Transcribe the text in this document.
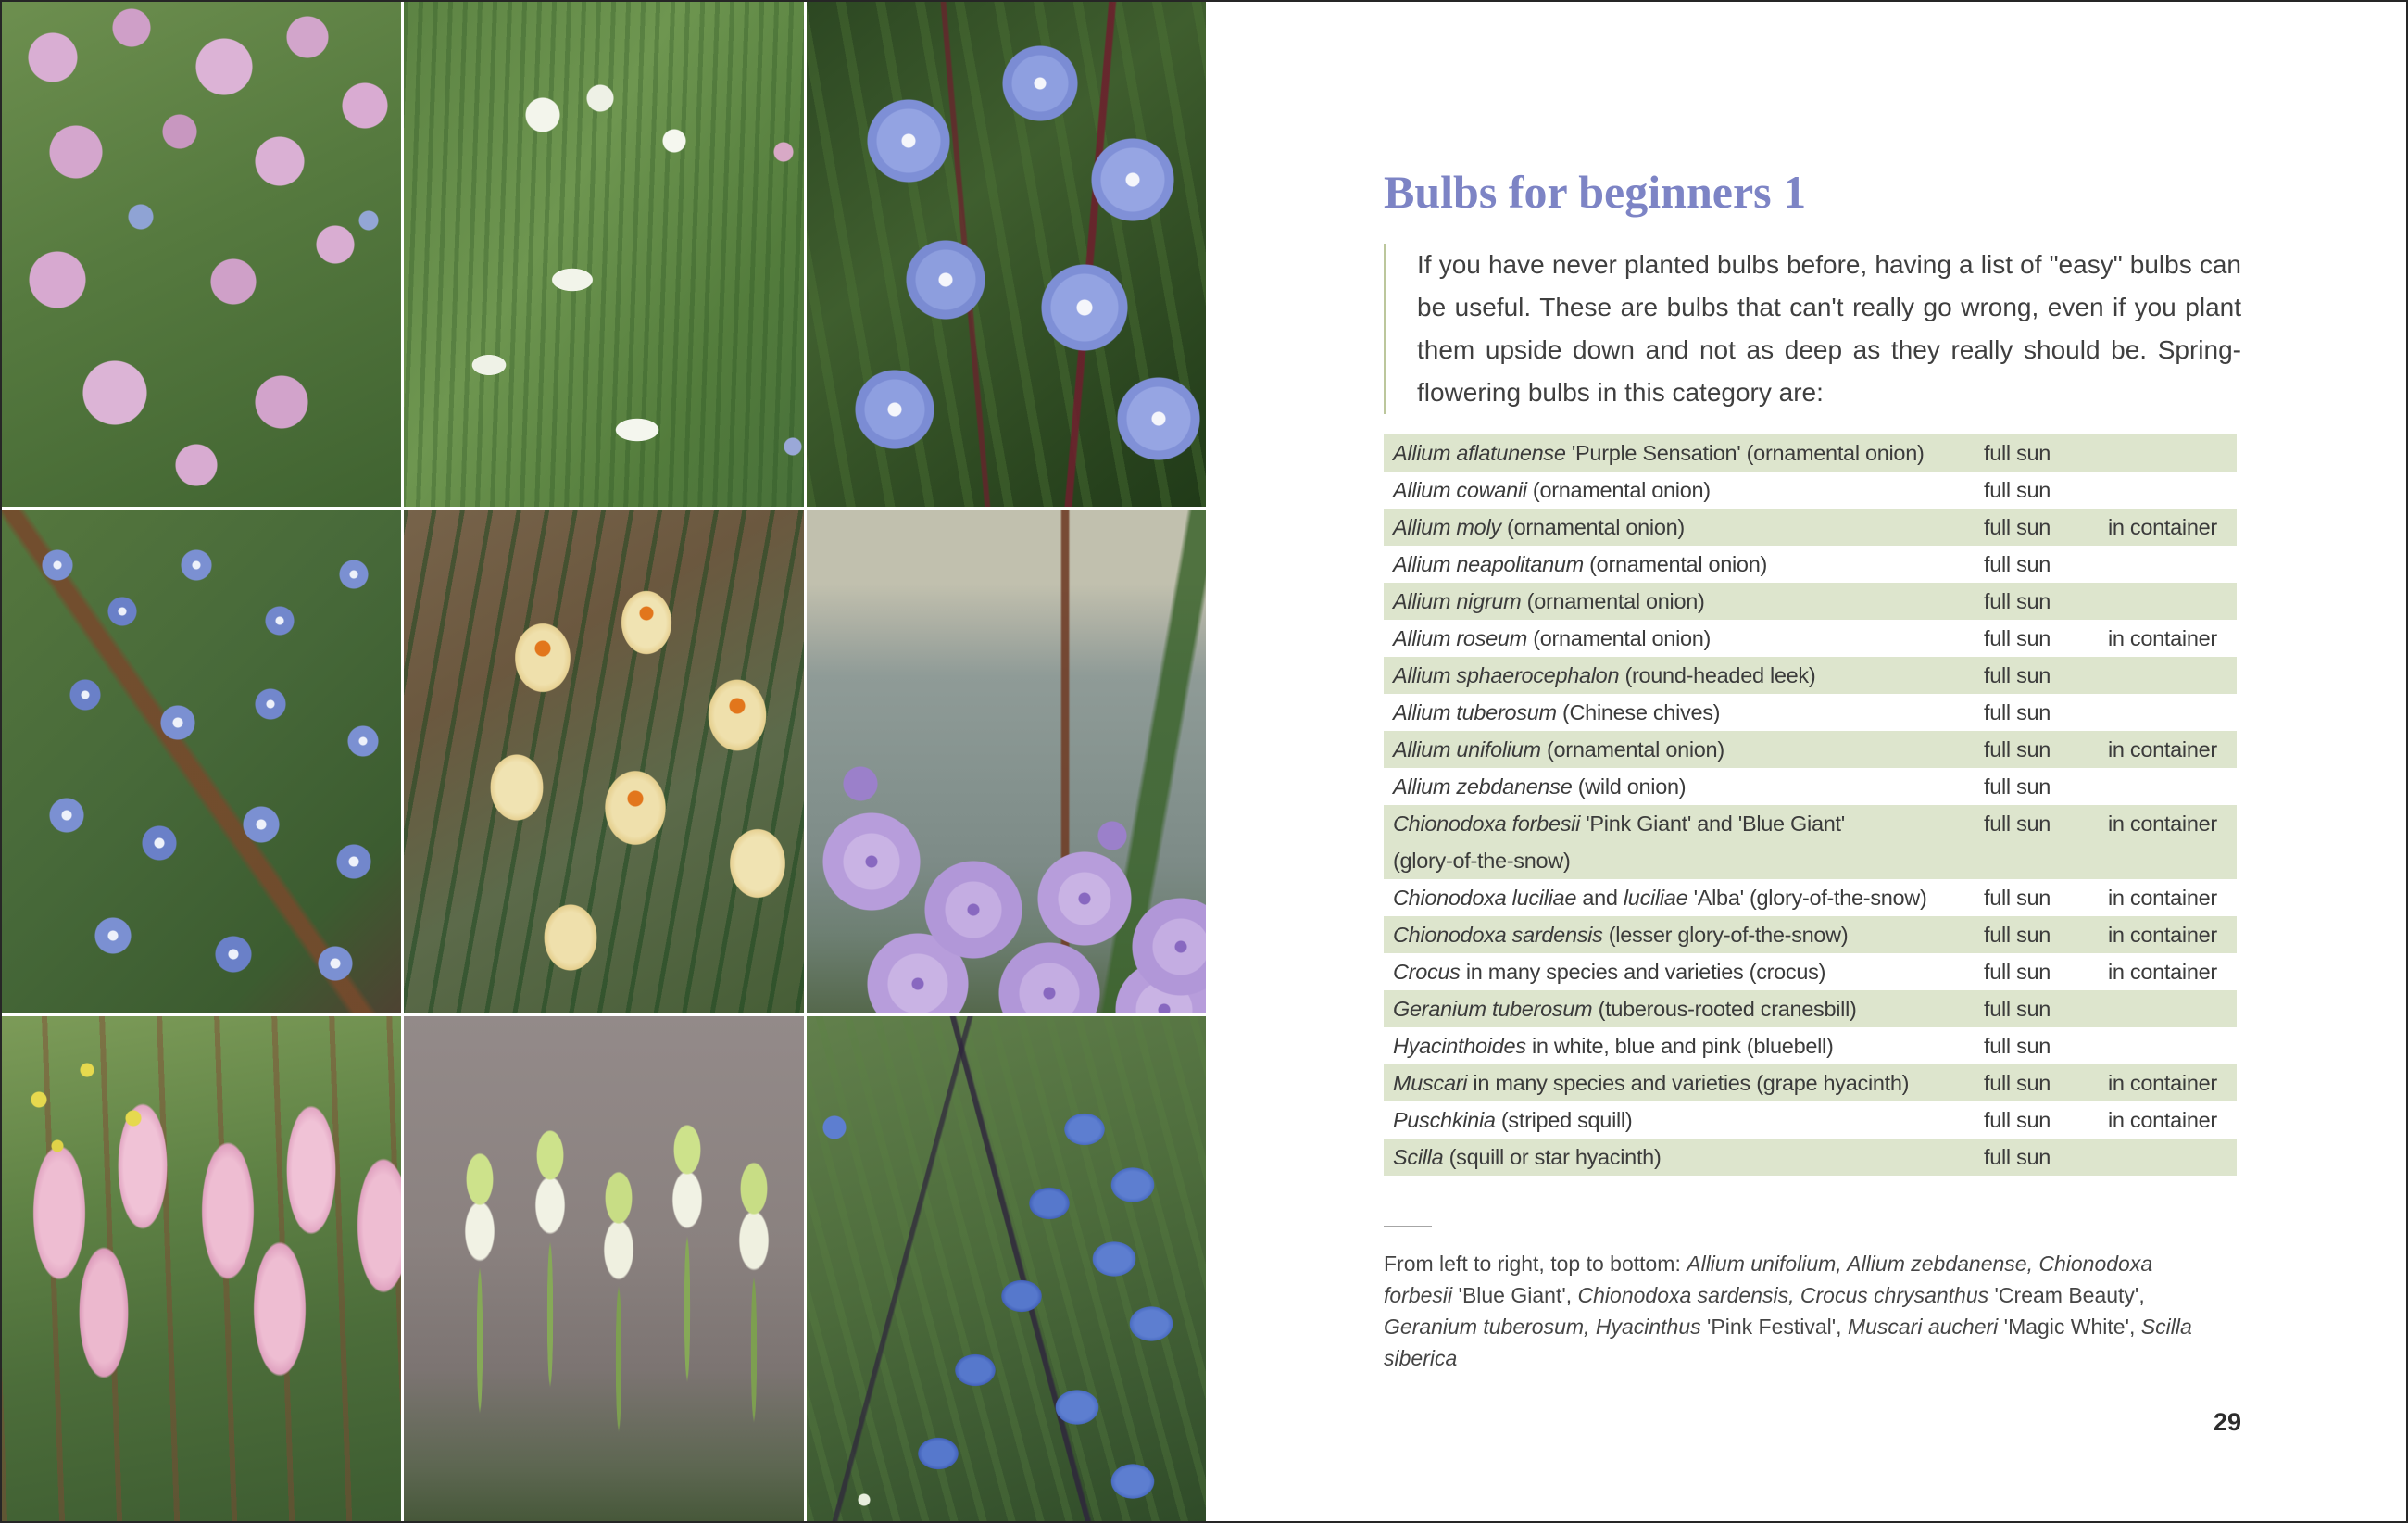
Bulbs for beginners 1

If you have never planted bulbs before, having a list of "easy" bulbs can be useful. These are bulbs that can't really go wrong, even if you plant them upside down and not as deep as they really should be. Spring-flowering bulbs in this category are:

Allium aflatunense 'Purple Sensation' (ornamental onion)	full sun
Allium cowanii (ornamental onion)	full sun
Allium moly (ornamental onion)	full sun	in container
Allium neapolitanum (ornamental onion)	full sun
Allium nigrum (ornamental onion)	full sun
Allium roseum (ornamental onion)	full sun	in container
Allium sphaerocephalon (round-headed leek)	full sun
Allium tuberosum (Chinese chives)	full sun
Allium unifolium (ornamental onion)	full sun	in container
Allium zebdanense (wild onion)	full sun
Chionodoxa forbesii 'Pink Giant' and 'Blue Giant'
(glory-of-the-snow)
full sun	in container
Chionodoxa luciliae and luciliae 'Alba' (glory-of-the-snow)	full sun	in container
Chionodoxa sardensis (lesser glory-of-the-snow)	full sun	in container
Crocus in many species and varieties (crocus)	full sun	in container
Geranium tuberosum (tuberous-rooted cranesbill)	full sun
Hyacinthoides in white, blue and pink (bluebell)	full sun
Muscari in many species and varieties (grape hyacinth)	full sun	in container
Puschkinia (striped squill)	full sun	in container
Scilla (squill or star hyacinth)	full sun

From left to right, top to bottom: Allium unifolium, Allium zebdanense, Chionodoxa forbesii 'Blue Giant', Chionodoxa sardensis, Crocus chrysanthus 'Cream Beauty', Geranium tuberosum, Hyacinthus 'Pink Festival', Muscari aucheri 'Magic White', Scilla siberica

29
